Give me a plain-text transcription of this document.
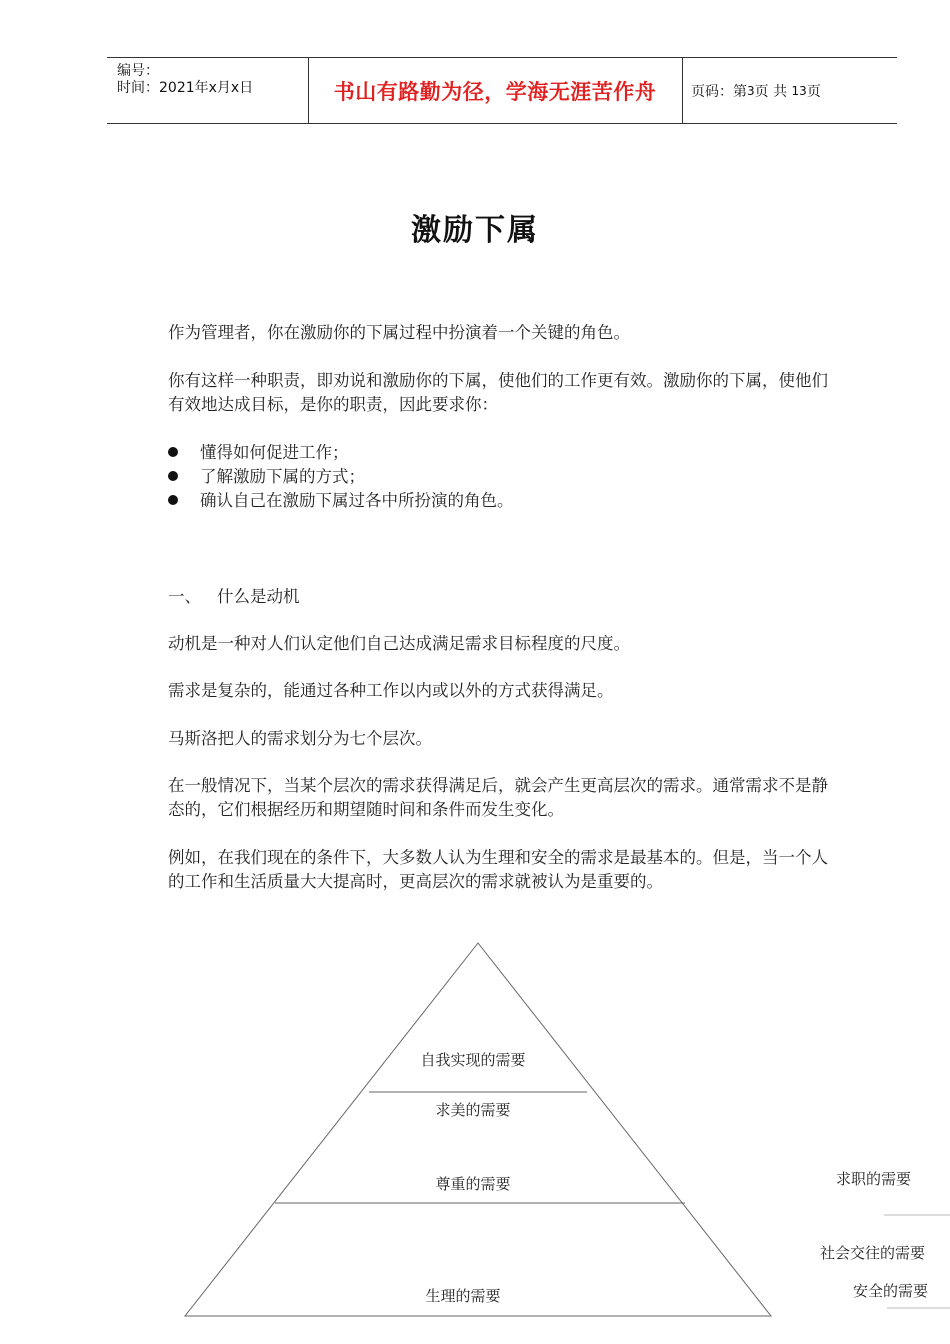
编号：
时间：2021年x月x日	书山有路勤为径，学海无涯苦作舟	页码：第 3 页 共
13 页
激励下属
作为管理者，你在激励你的下属过程中扮演着一个关键的角色。
你有这样一种职责，即劝说和激励你的下属，使他们的工作更有效。激励你的下属，使他们有效地达成目标，是你的职责，因此要求你：
懂得如何促进工作；
了解激励下属的方式；
确认自己在激励下属过各中所扮演的角色。
一、 什么是动机
动机是一种对人们认定他们自己达成满足需求目标程度的尺度。
需求是复杂的，能通过各种工作以内或以外的方式获得满足。
马斯洛把人的需求划分为七个层次。
在一般情况下，当某个层次的需求获得满足后，就会产生更高层次的需求。通常需求不是静态的，它们根据经历和期望随时间和条件而发生变化。
例如，在我们现在的条件下，大多数人认为生理和安全的需求是最基本的。但是，当一个人的工作和生活质量大大提高时，更高层次的需求就被认为是重要的。
自我实现的需要
求美的需要
尊重的需要
生理的需要
求职的需要
社会交往的需要
安全的需要
